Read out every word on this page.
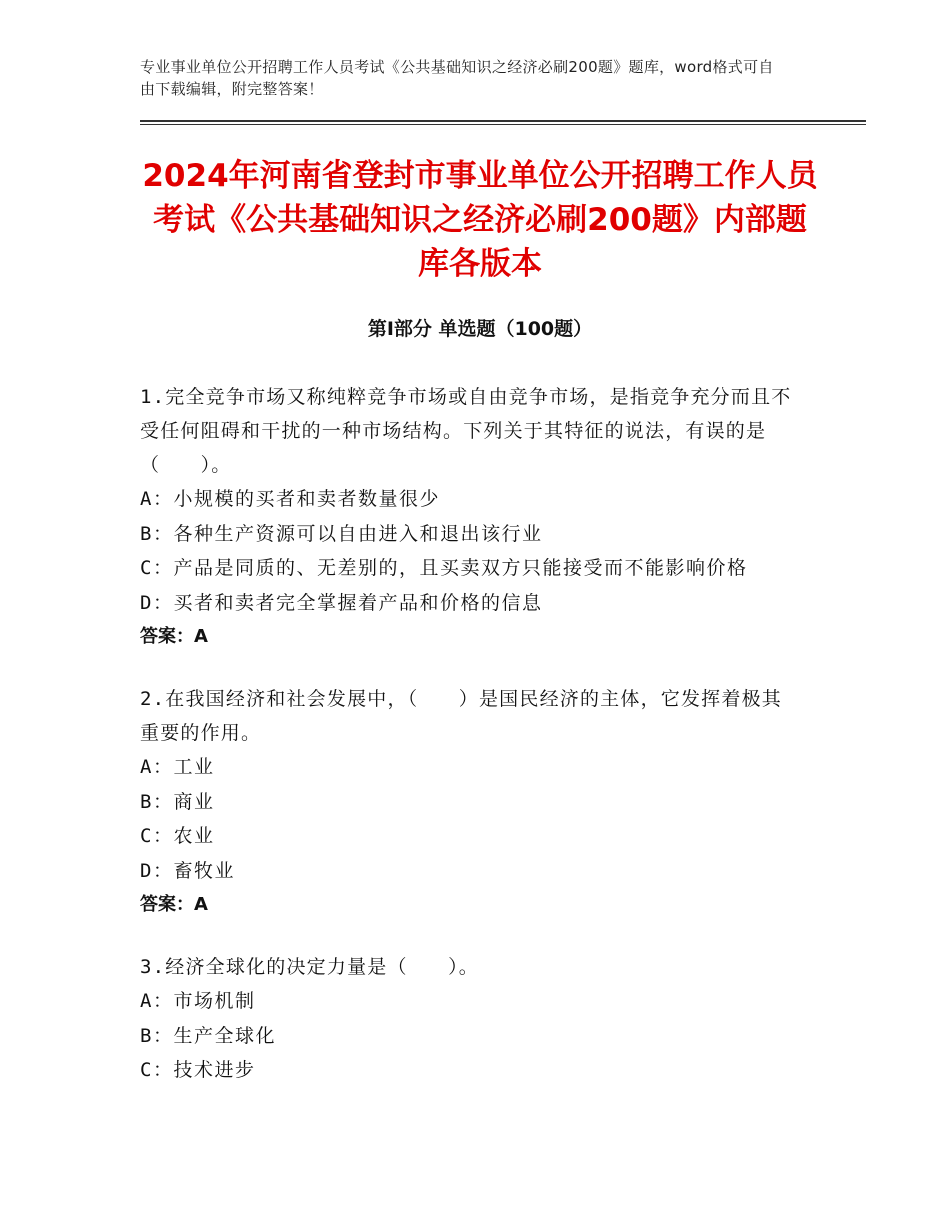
专业事业单位公开招聘工作人员考试《公共基础知识之经济必刷200题》题库，word格式可自由下载编辑，附完整答案！
2024年河南省登封市事业单位公开招聘工作人员考试《公共基础知识之经济必刷200题》内部题库各版本
第Ⅰ部分 单选题（100题）
1.完全竞争市场又称纯粹竞争市场或自由竞争市场，是指竞争充分而且不受任何阻碍和干扰的一种市场结构。下列关于其特征的说法，有误的是（　　）。
A：小规模的买者和卖者数量很少
B：各种生产资源可以自由进入和退出该行业
C：产品是同质的、无差别的，且买卖双方只能接受而不能影响价格
D：买者和卖者完全掌握着产品和价格的信息
答案：A
2.在我国经济和社会发展中，（　　）是国民经济的主体，它发挥着极其重要的作用。
A：工业
B：商业
C：农业
D：畜牧业
答案：A
3.经济全球化的决定力量是（　　）。
A：市场机制
B：生产全球化
C：技术进步
